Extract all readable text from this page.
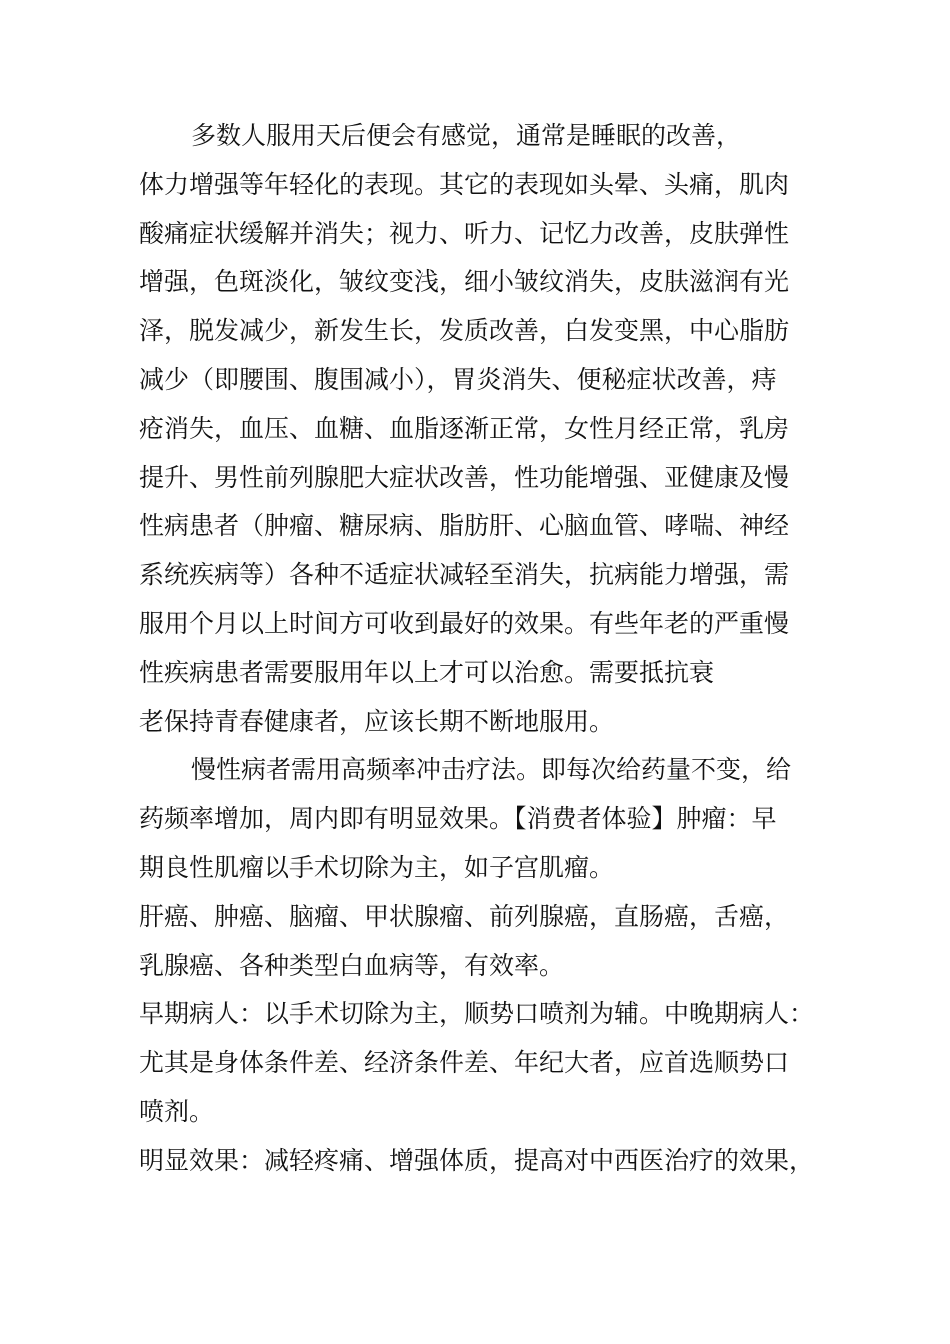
多数人服用天后便会有感觉，通常是睡眠的改善，
体力增强等年轻化的表现。其它的表现如头晕、头痛，肌肉
酸痛症状缓解并消失；视力、听力、记忆力改善，皮肤弹性
增强，色斑淡化，皱纹变浅，细小皱纹消失，皮肤滋润有光
泽，脱发减少，新发生长，发质改善，白发变黑，中心脂肪
减少（即腰围、腹围减小），胃炎消失、便秘症状改善，痔
疮消失，血压、血糖、血脂逐渐正常，女性月经正常，乳房
提升、男性前列腺肥大症状改善，性功能增强、亚健康及慢
性病患者（肿瘤、糖尿病、脂肪肝、心脑血管、哮喘、神经
系统疾病等）各种不适症状减轻至消失，抗病能力增强，需
服用个月以上时间方可收到最好的效果。有些年老的严重慢
性疾病患者需要服用年以上才可以治愈。需要抵抗衰
老保持青春健康者，应该长期不断地服用。
慢性病者需用高频率冲击疗法。即每次给药量不变，给
药频率增加，周内即有明显效果。【消费者体验】肿瘤：早
期良性肌瘤以手术切除为主，如子宫肌瘤。
肝癌、肿癌、脑瘤、甲状腺瘤、前列腺癌，直肠癌，舌癌，
乳腺癌、各种类型白血病等，有效率。
早期病人：以手术切除为主，顺势口喷剂为辅。中晚期病人：
尤其是身体条件差、经济条件差、年纪大者，应首选顺势口
喷剂。
明显效果：减轻疼痛、增强体质，提高对中西医治疗的效果，
